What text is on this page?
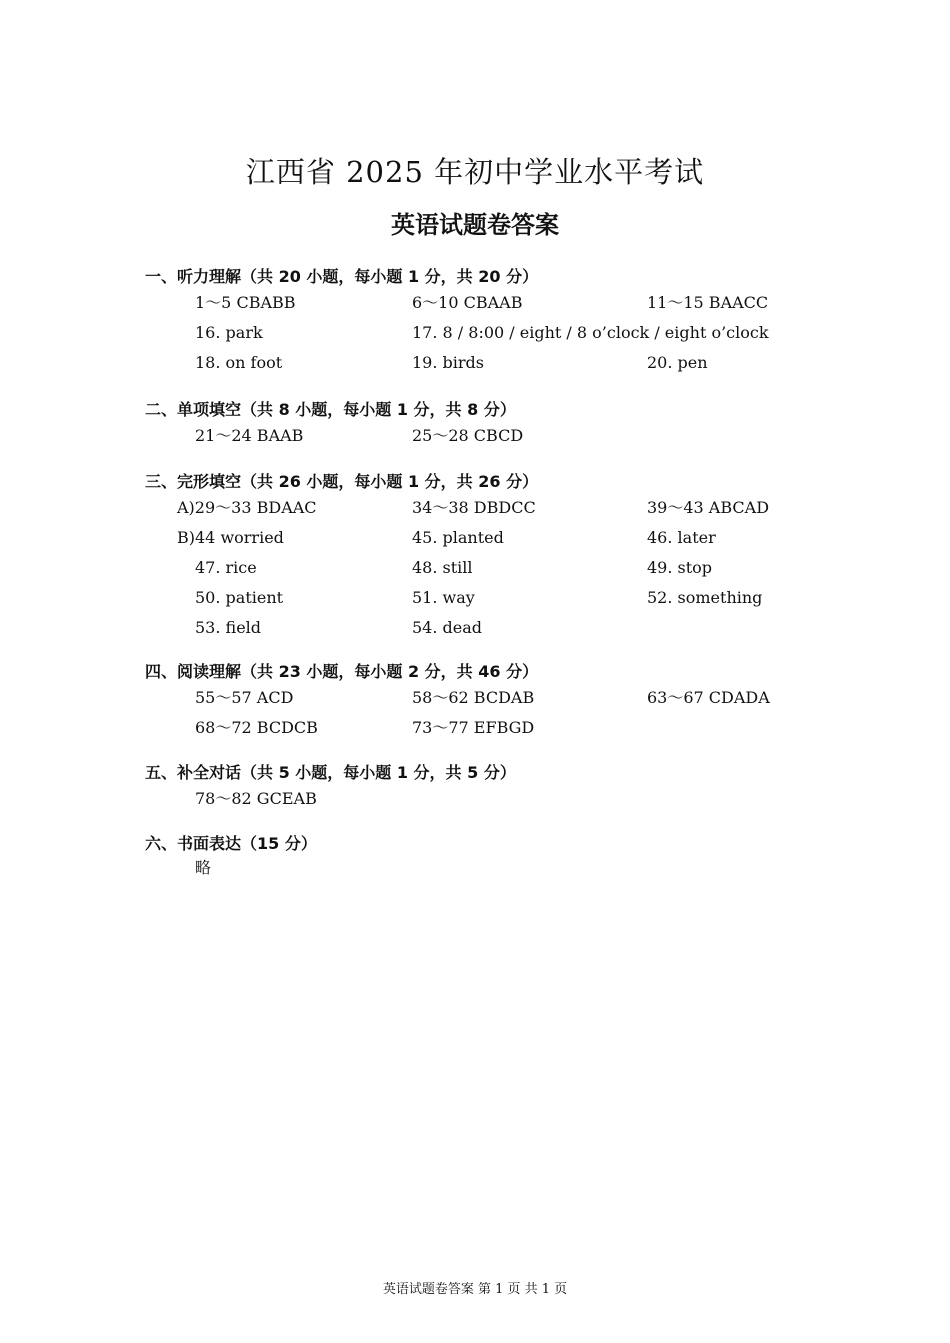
江西省 2025 年初中学业水平考试
英语试题卷答案
一、听力理解（共 20 小题，每小题 1 分，共 20 分）
1～5 CBABB	6～10 CBAAB	11～15 BAACC
16. park	17. 8 / 8:00 / eight / 8 o’clock / eight o’clock
18. on foot	19. birds	20. pen
二、单项填空（共 8 小题，每小题 1 分，共 8 分）
21～24 BAAB	25～28 CBCD
三、完形填空（共 26 小题，每小题 1 分，共 26 分）
A)29～33 BDAAC	34～38 DBDCC	39～43 ABCAD
B)44 worried	45. planted	46. later
47. rice	48. still	49. stop
50. patient	51. way	52. something
53. field	54. dead
四、阅读理解（共 23 小题，每小题 2 分，共 46 分）
55～57 ACD	58～62 BCDAB	63～67 CDADA
68～72 BCDCB	73～77 EFBGD
五、补全对话（共 5 小题，每小题 1 分，共 5 分）
78～82 GCEAB
六、书面表达（15 分）
略
英语试题卷答案 第 1 页 共 1 页
